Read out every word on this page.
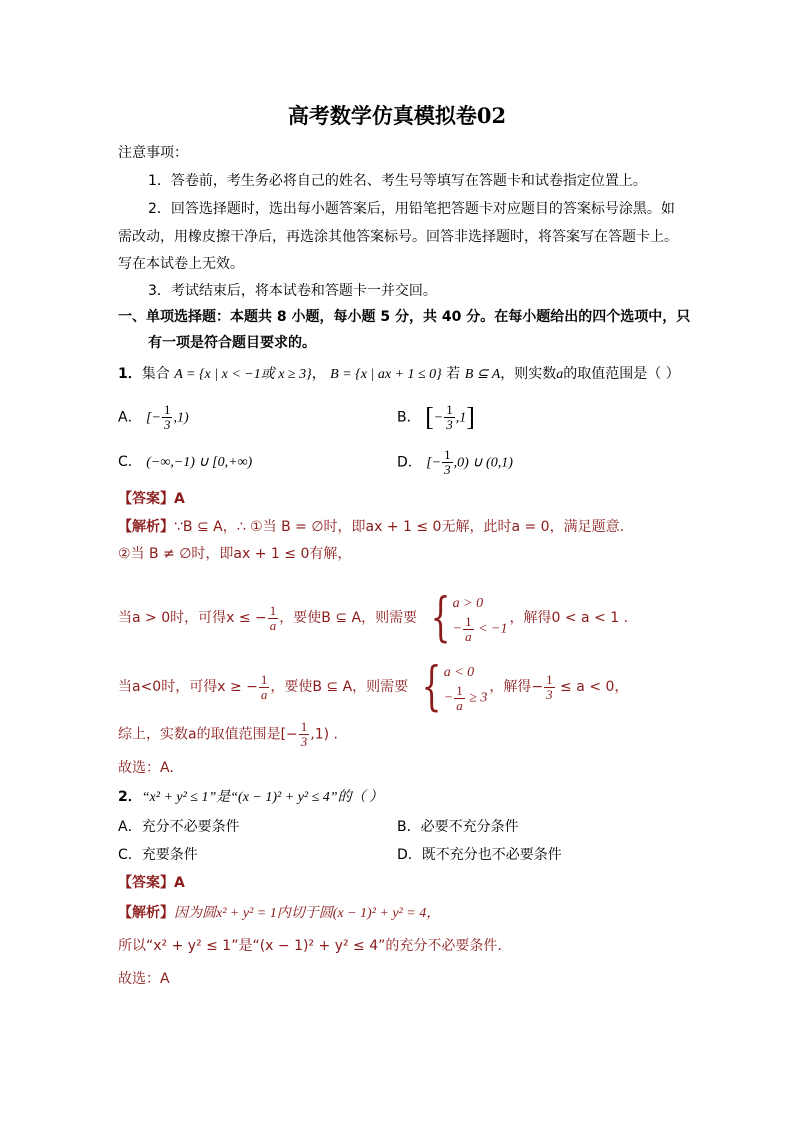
高考数学仿真模拟卷02
注意事项：
1．答卷前，考生务必将自己的姓名、考生号等填写在答题卡和试卷指定位置上。
2．回答选择题时，选出每小题答案后，用铅笔把答题卡对应题目的答案标号涂黑。如
需改动，用橡皮擦干净后，再选涂其他答案标号。回答非选择题时，将答案写在答题卡上。
写在本试卷上无效。
3．考试结束后，将本试卷和答题卡一并交回。
一、单项选择题：本题共 8 小题，每小题 5 分，共 40 分。在每小题给出的四个选项中，只
有一项是符合题目要求的。
1．集合 A = {x | x < −1或 x ≥ 3}， B = {x | ax + 1 ≤ 0} 若 B ⊆ A，则实数a的取值范围是（ ）
A． [− $\frac{1}{3} ,1$)	B． [− $\frac{1}{3} ,1$]
C． (−∞,−1) ∪ [0,+∞)	D． [− $\frac{1}{3} ,0$) ∪ (0,1)
【答案】A
【解析】∵B ⊆ A，∴ ①当 B = ∅时，即ax + 1 ≤ 0无解，此时a = 0，满足题意.
②当 B ≠ ∅时，即ax + 1 ≤ 0有解，
当a > 0时，可得x ≤ − $\frac{1}{a}$ ，要使B ⊆ A，则需要 { a > 0
− $\frac{1}{a} < -1$
，解得0 < a < 1 .
当a<0时，可得x ≥ − $\frac{1}{a}$ ，要使B ⊆ A，则需要 { a < 0
− $\frac{1}{a} \ge 3$
，解得− $\frac{1}{3} \le a < 0$，
综上，实数a的取值范围是[− $\frac{1}{3} ,1$) .
故选：A.
2．“x² + y² ≤ 1”是“(x − 1)² + y² ≤ 4”的（ ）
A．充分不必要条件	B．必要不充分条件
C．充要条件	D．既不充分也不必要条件
【答案】A
【解析】因为圆x² + y² = 1内切于圆(x − 1)² + y² = 4，
所以“x² + y² ≤ 1”是“(x − 1)² + y² ≤ 4”的充分不必要条件.
故选：A
